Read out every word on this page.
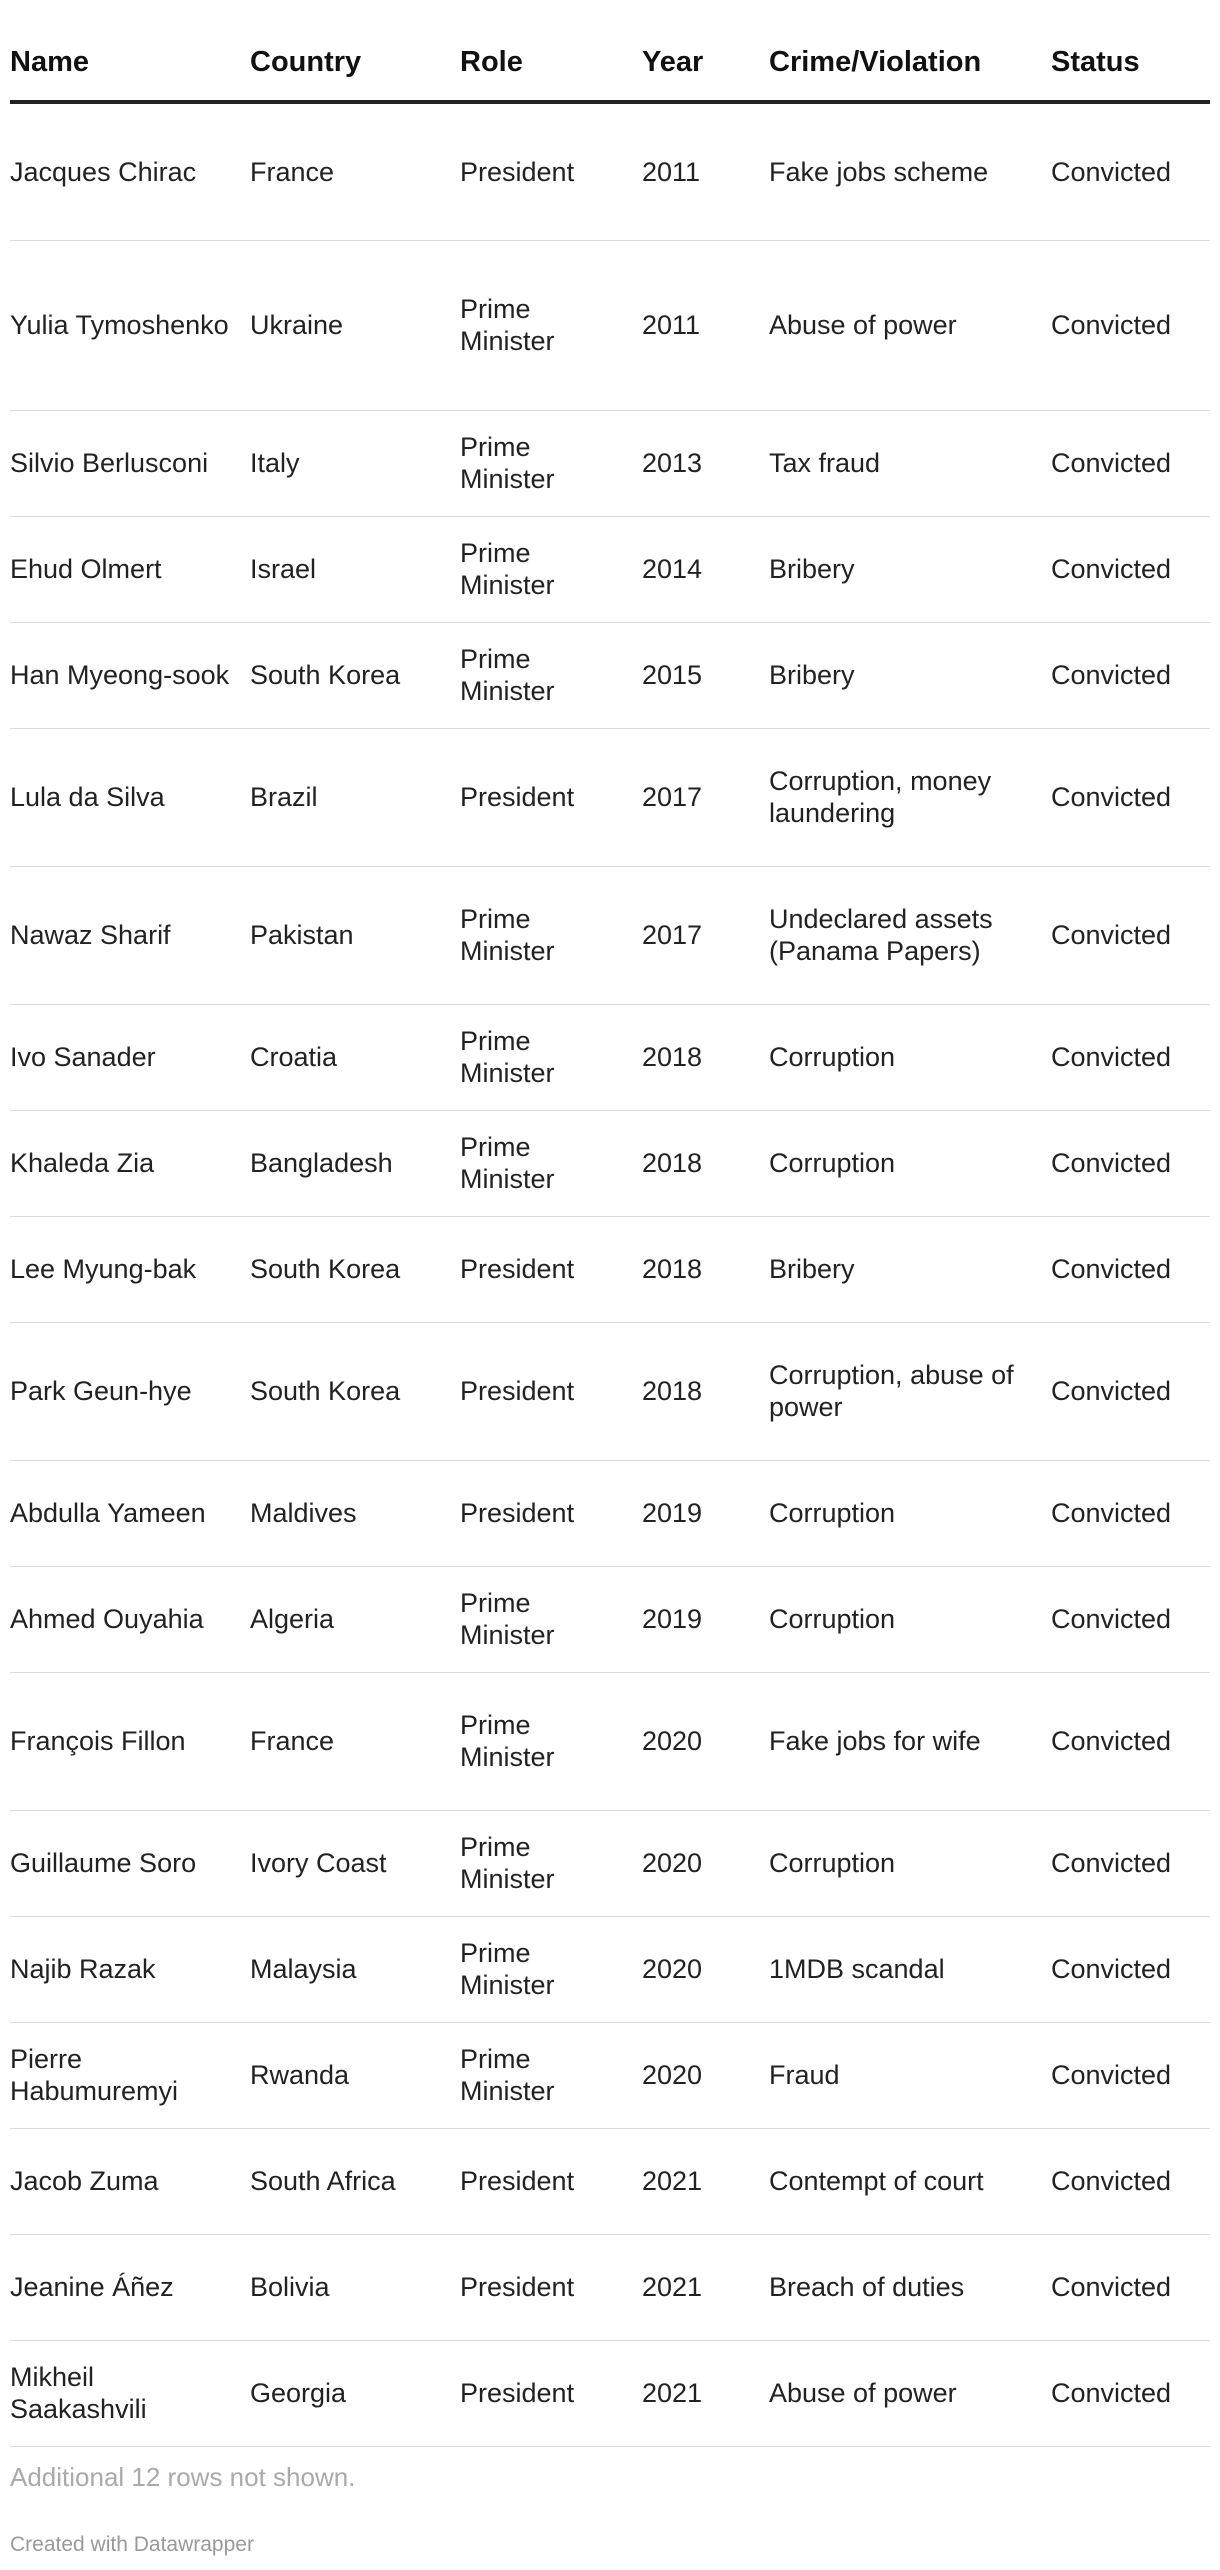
Name	Country	Role	Year	Crime/Violation	Status

Jacques Chirac	France	President	2011	Fake jobs scheme	Convicted

Yulia Tymoshenko	Ukraine	Prime Minister	2011	Abuse of power	Convicted

Silvio Berlusconi	Italy	Prime Minister	2013	Tax fraud	Convicted

Ehud Olmert	Israel	Prime Minister	2014	Bribery	Convicted

Han Myeong-sook	South Korea	Prime Minister	2015	Bribery	Convicted

Lula da Silva	Brazil	President	2017	Corruption, money laundering	Convicted

Nawaz Sharif	Pakistan	Prime Minister	2017	Undeclared assets (Panama Papers)	Convicted

Ivo Sanader	Croatia	Prime Minister	2018	Corruption	Convicted

Khaleda Zia	Bangladesh	Prime Minister	2018	Corruption	Convicted

Lee Myung-bak	South Korea	President	2018	Bribery	Convicted

Park Geun-hye	South Korea	President	2018	Corruption, abuse of power	Convicted

Abdulla Yameen	Maldives	President	2019	Corruption	Convicted

Ahmed Ouyahia	Algeria	Prime Minister	2019	Corruption	Convicted

François Fillon	France	Prime Minister	2020	Fake jobs for wife	Convicted

Guillaume Soro	Ivory Coast	Prime Minister	2020	Corruption	Convicted

Najib Razak	Malaysia	Prime Minister	2020	1MDB scandal	Convicted

Pierre Habumuremyi	Rwanda	Prime Minister	2020	Fraud	Convicted

Jacob Zuma	South Africa	President	2021	Contempt of court	Convicted

Jeanine Áñez	Bolivia	President	2021	Breach of duties	Convicted

Mikheil Saakashvili	Georgia	President	2021	Abuse of power	Convicted
Additional 12 rows not shown.
Created with Datawrapper
